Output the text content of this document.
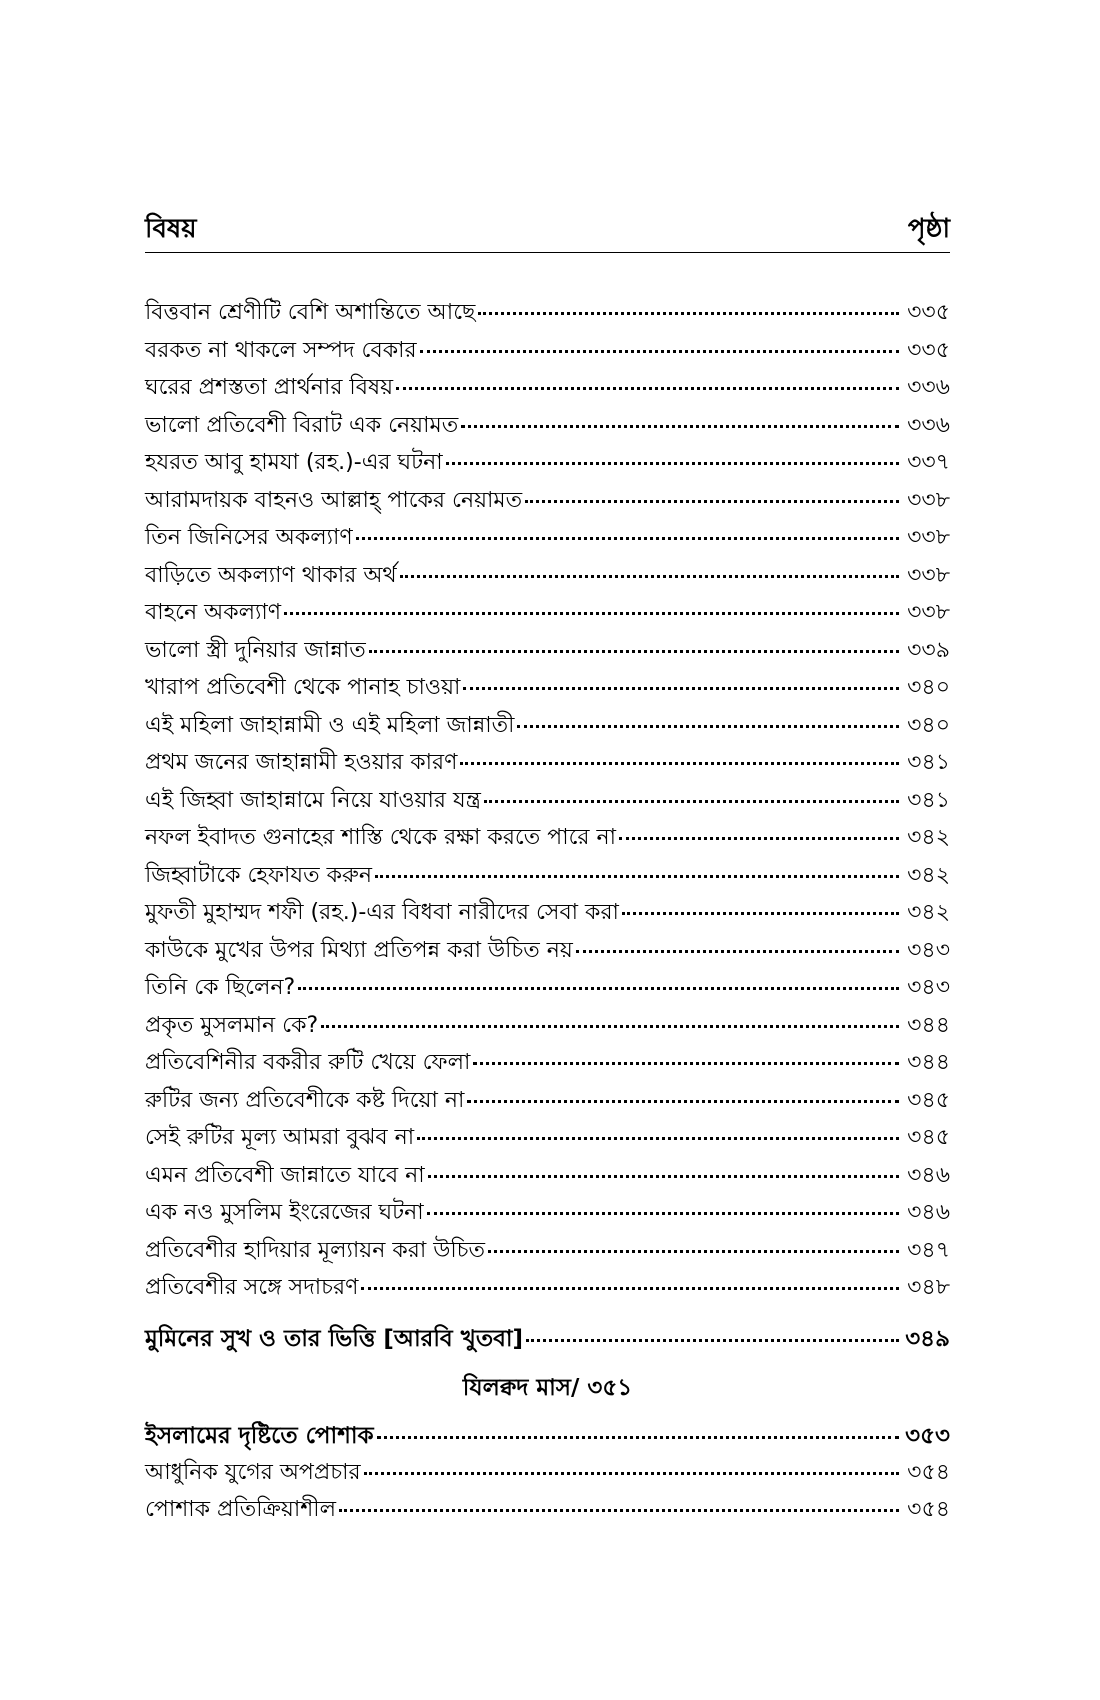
বিষয়	পৃষ্ঠা
বিত্তবান শ্রেণীটি বেশি অশান্তিতে আছে	৩৩৫
বরকত না থাকলে সম্পদ বেকার	৩৩৫
ঘরের প্রশস্ততা প্রার্থনার বিষয়	৩৩৬
ভালো প্রতিবেশী বিরাট এক নেয়ামত	৩৩৬
হযরত আবু হামযা (রহ.)-এর ঘটনা	৩৩৭
আরামদায়ক বাহনও আল্লাহ্ পাকের নেয়ামত	৩৩৮
তিন জিনিসের অকল্যাণ	৩৩৮
বাড়িতে অকল্যাণ থাকার অর্থ	৩৩৮
বাহনে অকল্যাণ	৩৩৮
ভালো স্ত্রী দুনিয়ার জান্নাত	৩৩৯
খারাপ প্রতিবেশী থেকে পানাহ চাওয়া	৩৪০
এই মহিলা জাহান্নামী ও এই মহিলা জান্নাতী	৩৪০
প্রথম জনের জাহান্নামী হওয়ার কারণ	৩৪১
এই জিহ্বা জাহান্নামে নিয়ে যাওয়ার যন্ত্র	৩৪১
নফল ইবাদত গুনাহের শাস্তি থেকে রক্ষা করতে পারে না	৩৪২
জিহ্বাটাকে হেফাযত করুন	৩৪২
মুফতী মুহাম্মদ শফী (রহ.)-এর বিধবা নারীদের সেবা করা	৩৪২
কাউকে মুখের উপর মিথ্যা প্রতিপন্ন করা উচিত নয়	৩৪৩
তিনি কে ছিলেন?	৩৪৩
প্রকৃত মুসলমান কে?	৩৪৪
প্রতিবেশিনীর বকরীর রুটি খেয়ে ফেলা	৩৪৪
রুটির জন্য প্রতিবেশীকে কষ্ট দিয়ো না	৩৪৫
সেই রুটির মূল্য আমরা বুঝব না	৩৪৫
এমন প্রতিবেশী জান্নাতে যাবে না	৩৪৬
এক নও মুসলিম ইংরেজের ঘটনা	৩৪৬
প্রতিবেশীর হাদিয়ার মূল্যায়ন করা উচিত	৩৪৭
প্রতিবেশীর সঙ্গে সদাচরণ	৩৪৮
মুমিনের সুখ ও তার ভিত্তি [আরবি খুতবা]	৩৪৯
যিলক্বদ মাস/ ৩৫১
ইসলামের দৃষ্টিতে পোশাক	৩৫৩
আধুনিক যুগের অপপ্রচার	৩৫৪
পোশাক প্রতিক্রিয়াশীল	৩৫৪
